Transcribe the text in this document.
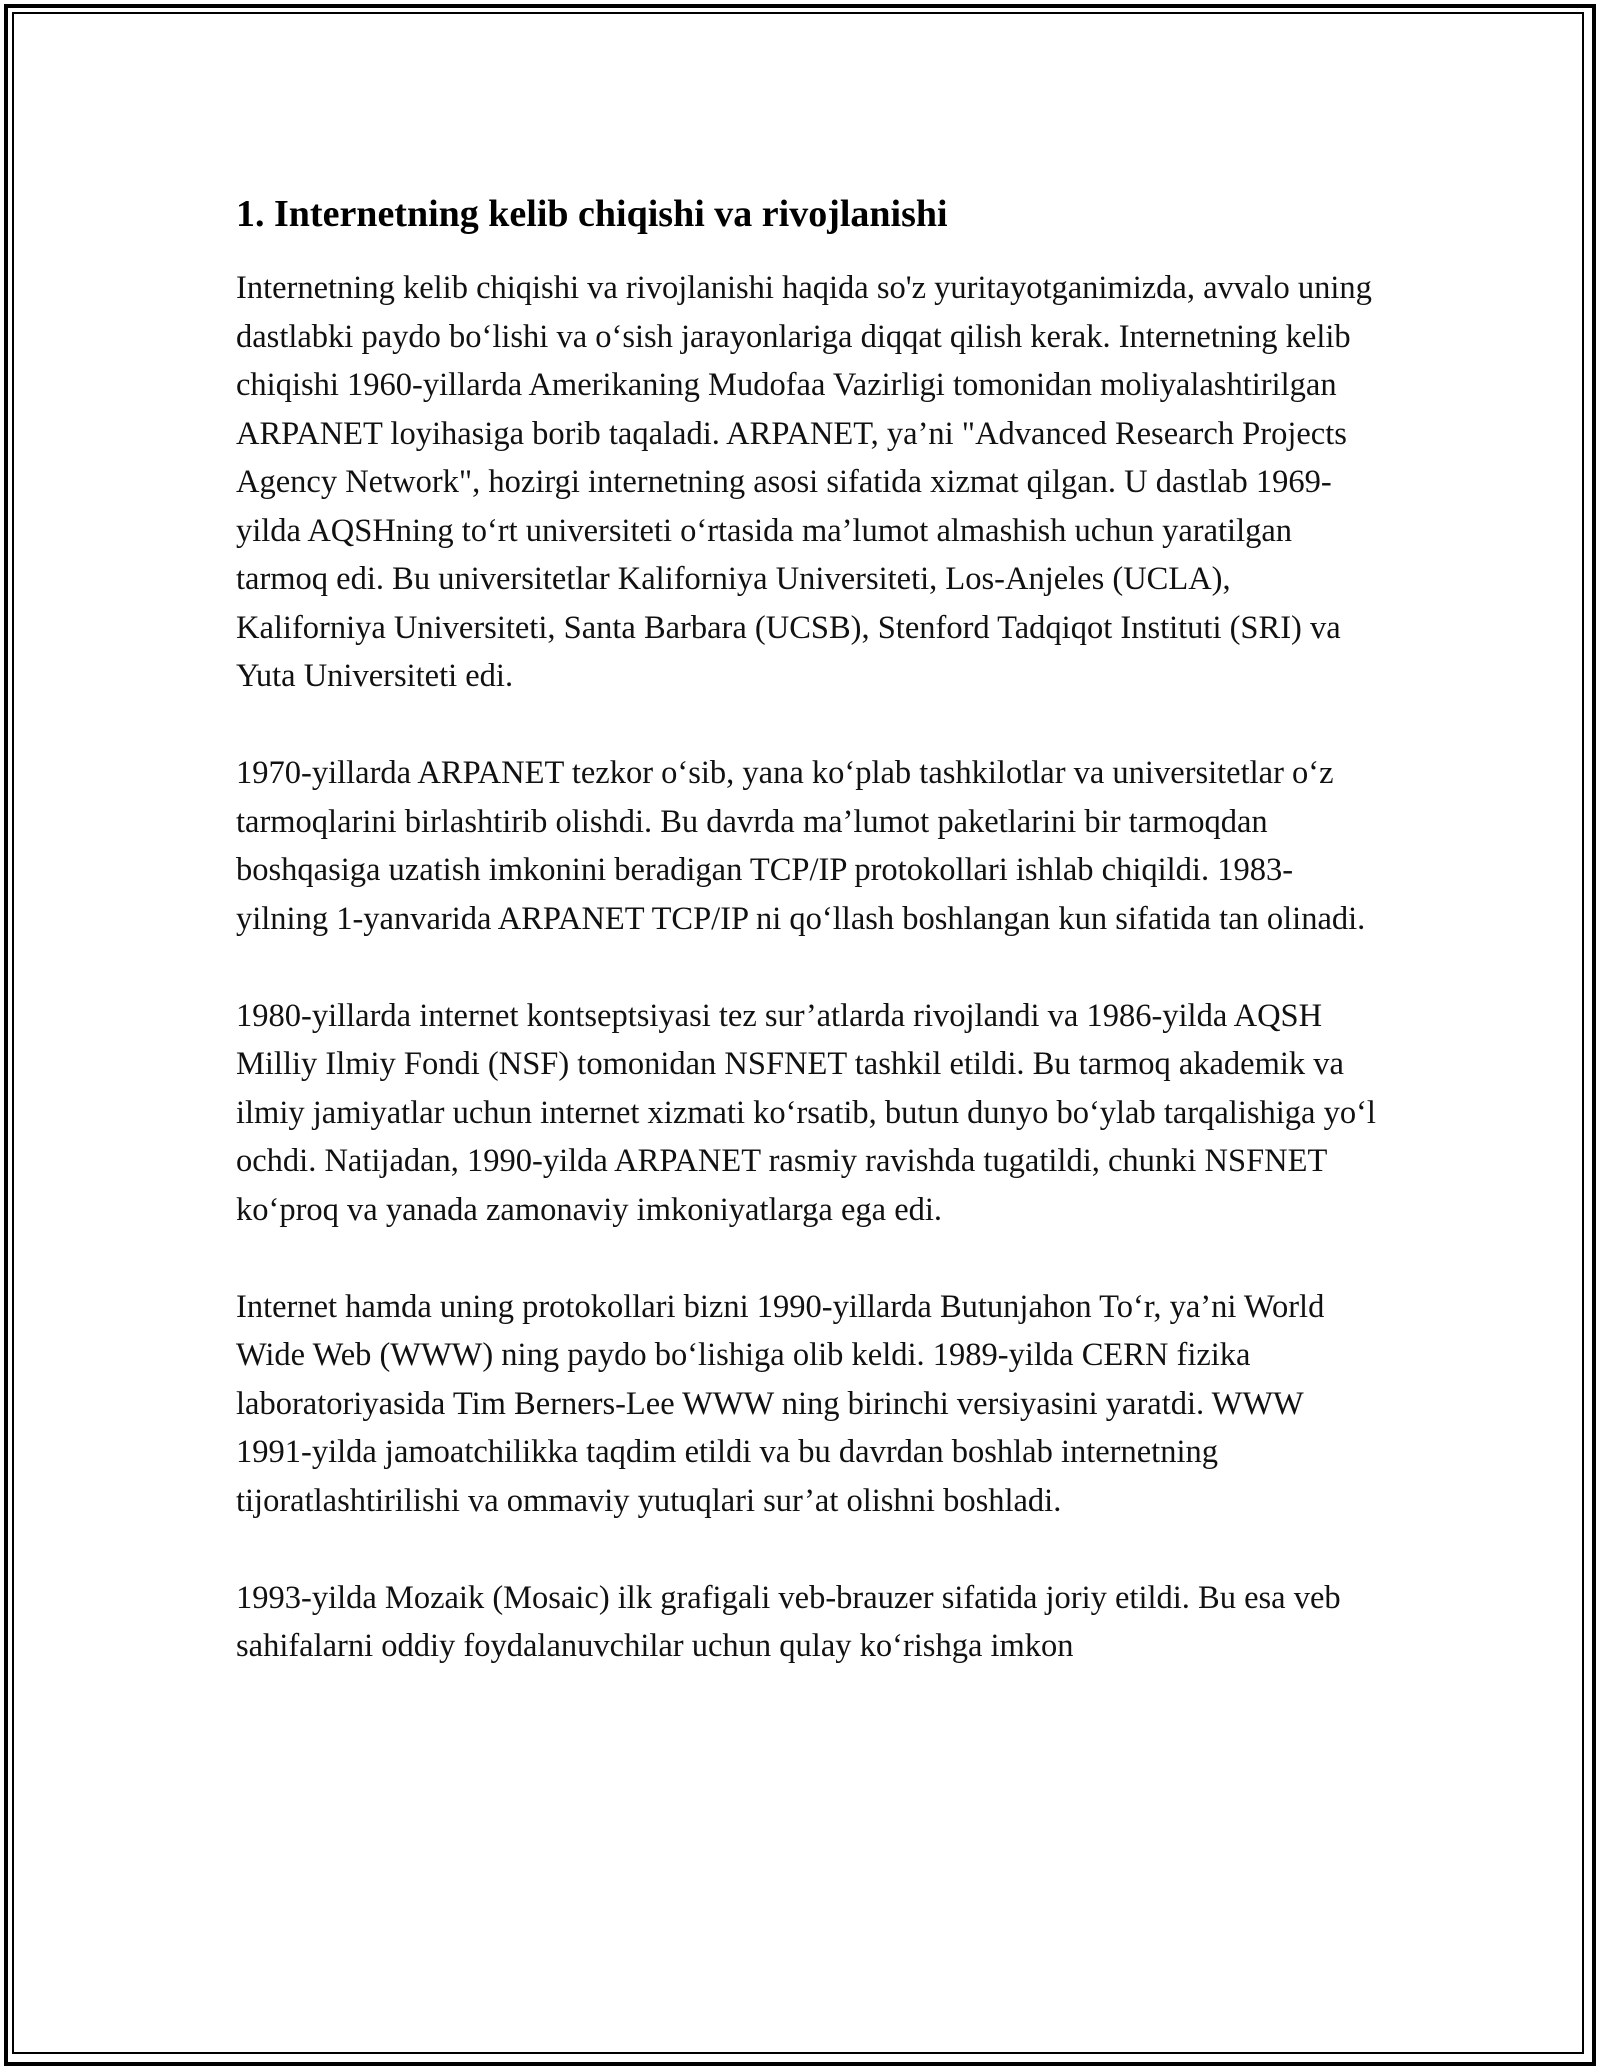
1. Internetning kelib chiqishi va rivojlanishi

Internetning kelib chiqishi va rivojlanishi haqida so'z yuritayotganimizda, avvalo uning dastlabki paydo bo‘lishi va o‘sish jarayonlariga diqqat qilish kerak. Internetning kelib chiqishi 1960-yillarda Amerikaning Mudofaa Vazirligi tomonidan moliyalashtirilgan ARPANET loyihasiga borib taqaladi. ARPANET, ya’ni "Advanced Research Projects Agency Network", hozirgi internetning asosi sifatida xizmat qilgan. U dastlab 1969-yilda AQSHning to‘rt universiteti o‘rtasida ma’lumot almashish uchun yaratilgan tarmoq edi. Bu universitetlar Kaliforniya Universiteti, Los-Anjeles (UCLA), Kaliforniya Universiteti, Santa Barbara (UCSB), Stenford Tadqiqot Instituti (SRI) va Yuta Universiteti edi.

1970-yillarda ARPANET tezkor o‘sib, yana ko‘plab tashkilotlar va universitetlar o‘z tarmoqlarini birlashtirib olishdi. Bu davrda ma’lumot paketlarini bir tarmoqdan boshqasiga uzatish imkonini beradigan TCP/IP protokollari ishlab chiqildi. 1983-yilning 1-yanvarida ARPANET TCP/IP ni qo‘llash boshlangan kun sifatida tan olinadi.

1980-yillarda internet kontseptsiyasi tez sur’atlarda rivojlandi va 1986-yilda AQSH Milliy Ilmiy Fondi (NSF) tomonidan NSFNET tashkil etildi. Bu tarmoq akademik va ilmiy jamiyatlar uchun internet xizmati ko‘rsatib, butun dunyo bo‘ylab tarqalishiga yo‘l ochdi. Natijadan, 1990-yilda ARPANET rasmiy ravishda tugatildi, chunki NSFNET ko‘proq va yanada zamonaviy imkoniyatlarga ega edi.

Internet hamda uning protokollari bizni 1990-yillarda Butunjahon To‘r, ya’ni World Wide Web (WWW) ning paydo bo‘lishiga olib keldi. 1989-yilda CERN fizika laboratoriyasida Tim Berners-Lee WWW ning birinchi versiyasini yaratdi. WWW 1991-yilda jamoatchilikka taqdim etildi va bu davrdan boshlab internetning tijoratlashtirilishi va ommaviy yutuqlari sur’at olishni boshladi.

1993-yilda Mozaik (Mosaic) ilk grafigali veb-brauzer sifatida joriy etildi. Bu esa veb sahifalarni oddiy foydalanuvchilar uchun qulay ko‘rishga imkon
